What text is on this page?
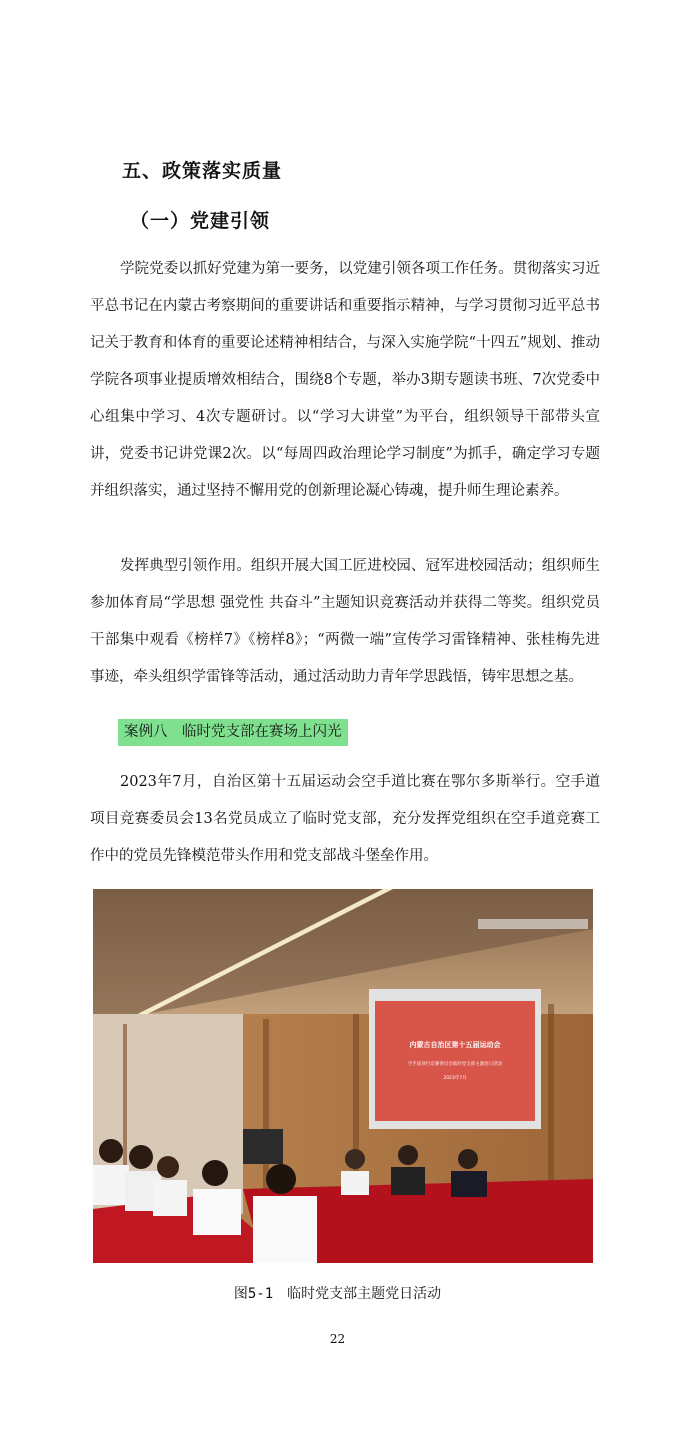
五、政策落实质量
（一）党建引领

学院党委以抓好党建为第一要务，以党建引领各项工作任务。贯彻落实习近平总书记在内蒙古考察期间的重要讲话和重要指示精神，与学习贯彻习近平总书记关于教育和体育的重要论述精神相结合，与深入实施学院“十四五”规划、推动学院各项事业提质增效相结合，围绕8个专题，举办3期专题读书班、7次党委中心组集中学习、4次专题研讨。以“学习大讲堂”为平台，组织领导干部带头宣讲，党委书记讲党课2次。以“每周四政治理论学习制度”为抓手，确定学习专题并组织落实，通过坚持不懈用党的创新理论凝心铸魂，提升师生理论素养。

发挥典型引领作用。组织开展大国工匠进校园、冠军进校园活动；组织师生参加体育局“学思想 强党性 共奋斗”主题知识竞赛活动并获得二等奖。组织党员干部集中观看《榜样7》《榜样8》；“两微一端”宣传学习雷锋精神、张桂梅先进事迹，牵头组织学雷锋等活动，通过活动助力青年学思践悟，铸牢思想之基。

案例八　临时党支部在赛场上闪光

2023年7月，自治区第十五届运动会空手道比赛在鄂尔多斯举行。空手道项目竞赛委员会13名党员成立了临时党支部，充分发挥党组织在空手道竞赛工作中的党员先锋模范带头作用和党支部战斗堡垒作用。

内蒙古自治区第十五届运动会
空手道项目竞赛委员会临时党支部主题党日活动
2023年7月
图5-1　临时党支部主题党日活动
22
